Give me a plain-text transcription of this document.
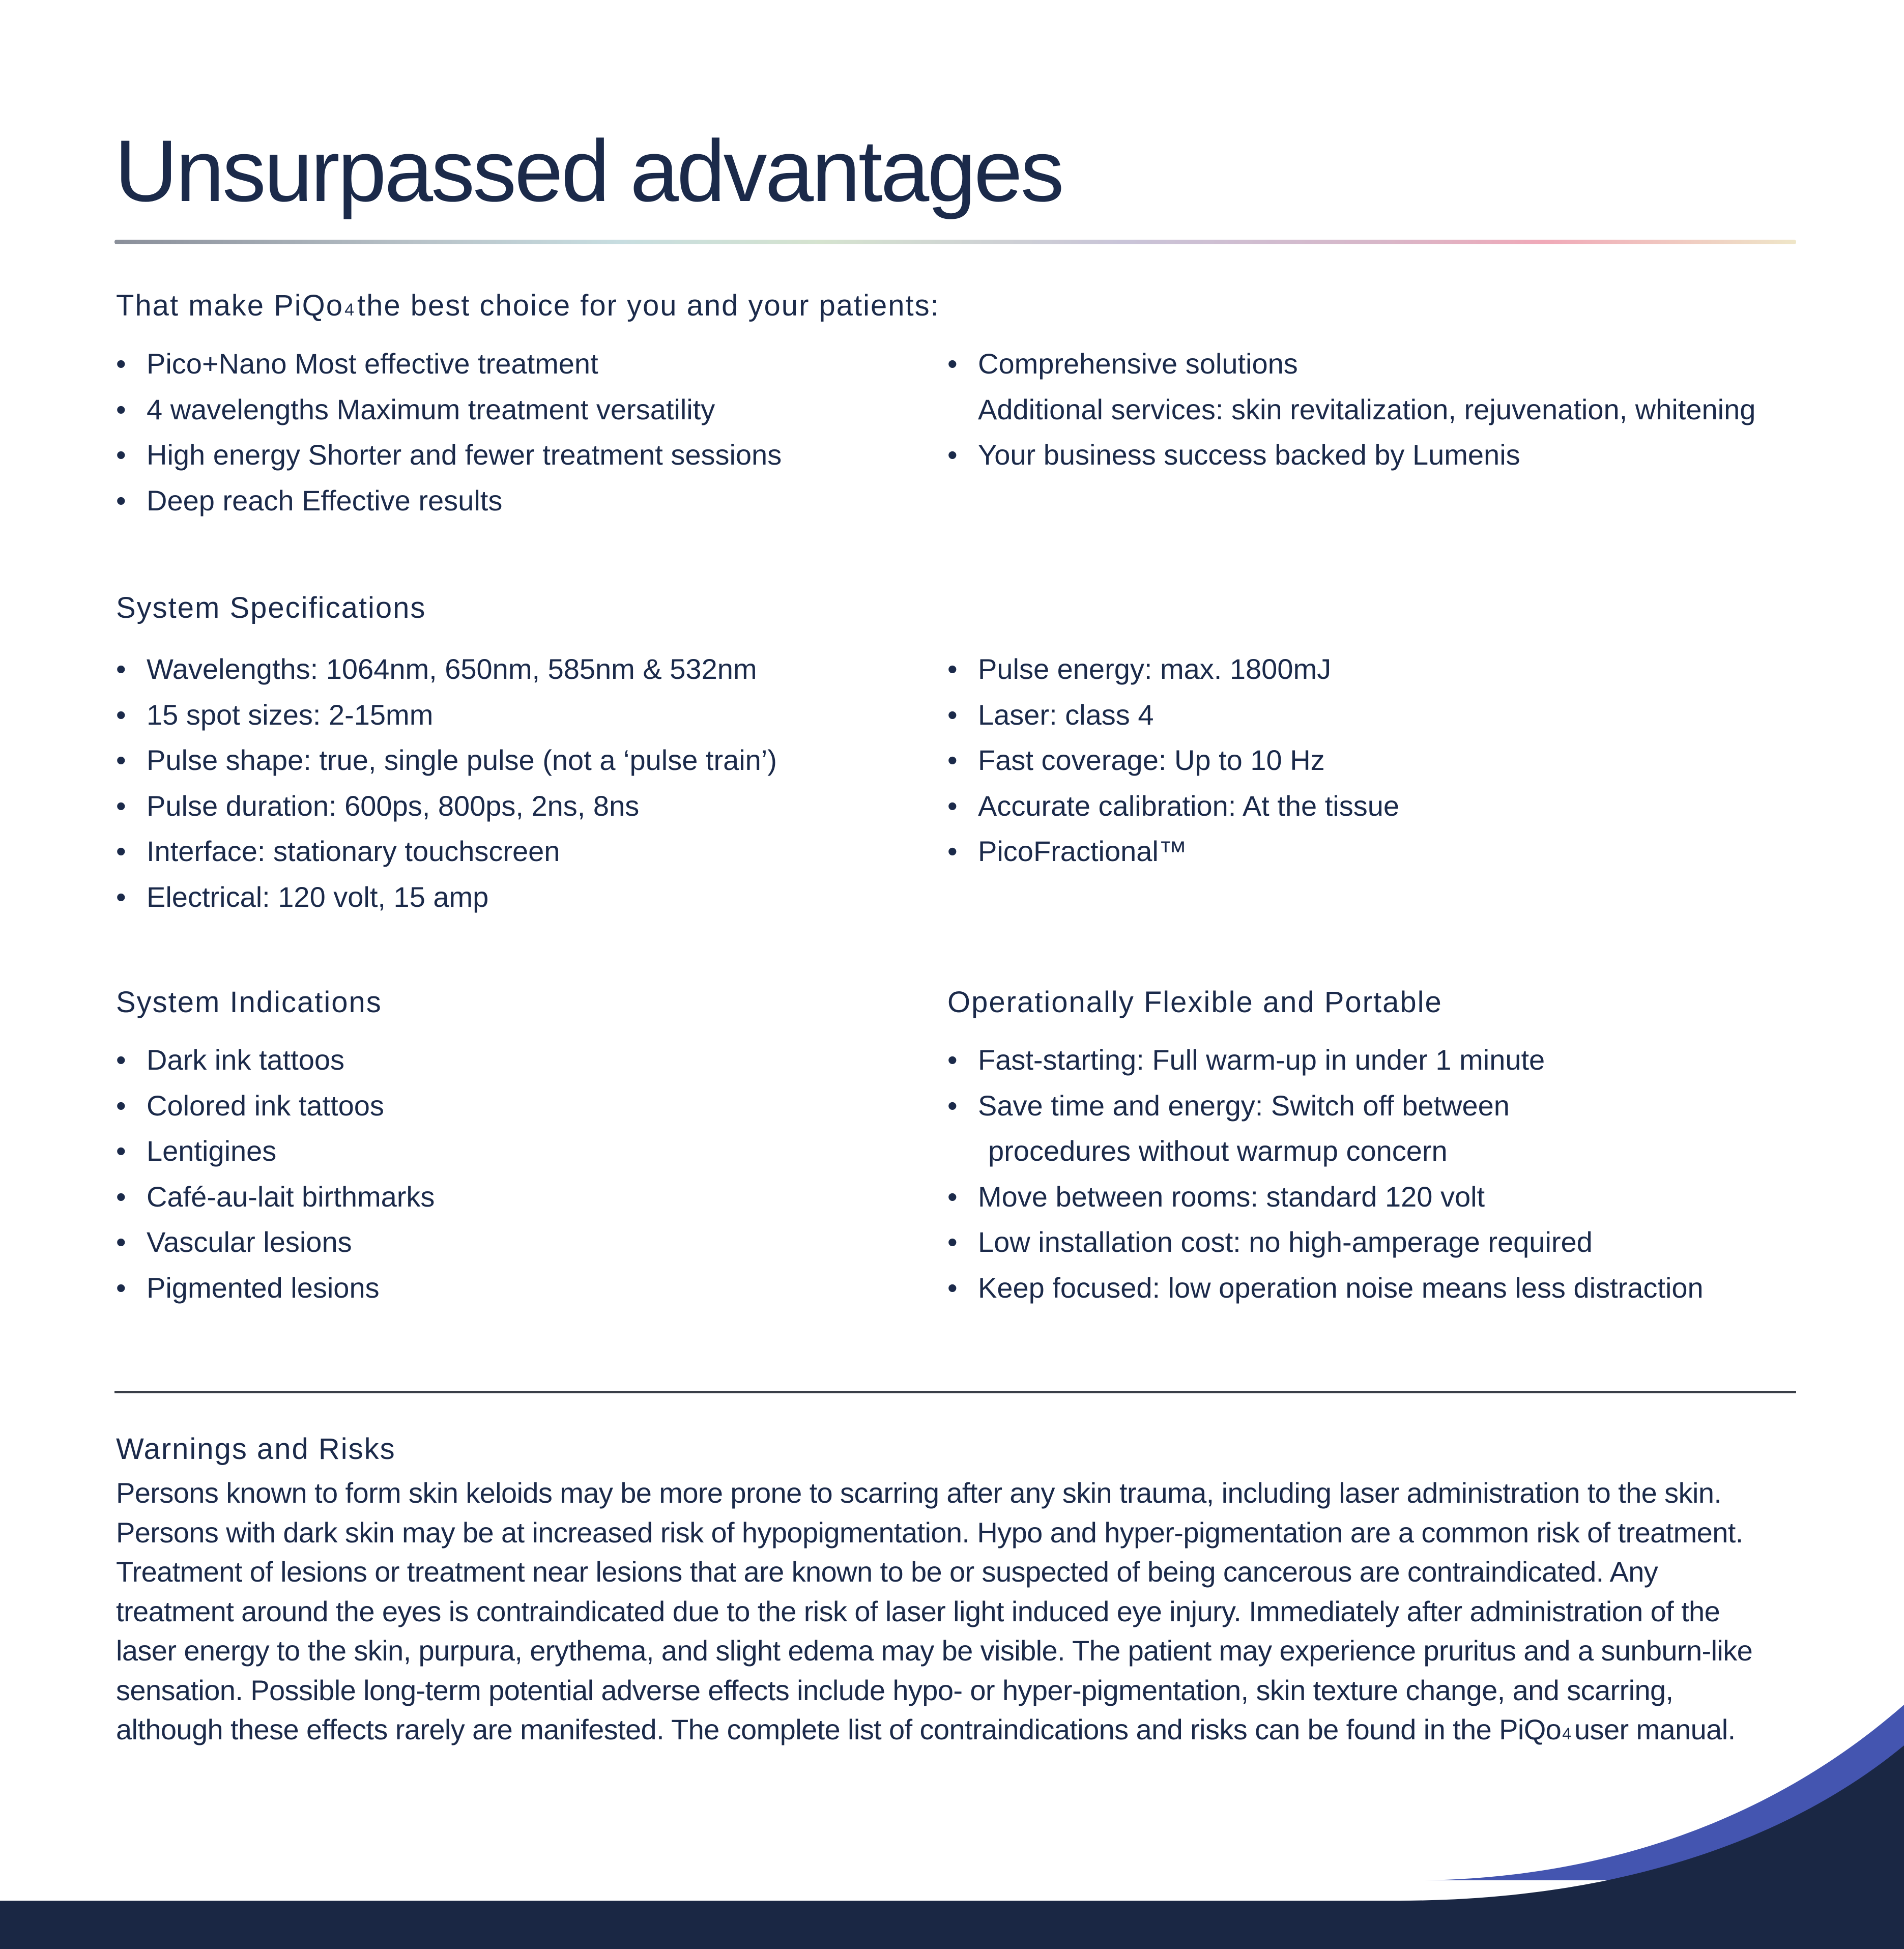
Unsurpassed advantages

That make PiQo4 the best choice for you and your patients:

• Pico+Nano Most effective treatment
• 4 wavelengths Maximum treatment versatility
• High energy Shorter and fewer treatment sessions
• Deep reach Effective results
• Comprehensive solutions
Additional services: skin revitalization, rejuvenation, whitening
• Your business success backed by Lumenis
System Specifications
• Wavelengths: 1064nm, 650nm, 585nm & 532nm
• 15 spot sizes: 2-15mm
• Pulse shape: true, single pulse (not a ‘pulse train’)
• Pulse duration: 600ps, 800ps, 2ns, 8ns
• Interface: stationary touchscreen
• Electrical: 120 volt, 15 amp
• Pulse energy: max. 1800mJ
• Laser: class 4
• Fast coverage: Up to 10 Hz
• Accurate calibration: At the tissue
• PicoFractional™
System Indications
• Dark ink tattoos
• Colored ink tattoos
• Lentigines
• Café-au-lait birthmarks
• Vascular lesions
• Pigmented lesions
Operationally Flexible and Portable
• Fast-starting: Full warm-up in under 1 minute
• Save time and energy: Switch off between
procedures without warmup concern
• Move between rooms: standard 120 volt
• Low installation cost: no high-amperage required
• Keep focused: low operation noise means less distraction
Warnings and Risks

Persons known to form skin keloids may be more prone to scarring after any skin trauma, including laser administration to the skin. Persons with dark skin may be at increased risk of hypopigmentation. Hypo and hyper-pigmentation are a common risk of treatment. Treatment of lesions or treatment near lesions that are known to be or suspected of being cancerous are contraindicated. Any treatment around the eyes is contraindicated due to the risk of laser light induced eye injury. Immediately after administration of the laser energy to the skin, purpura, erythema, and slight edema may be visible. The patient may experience pruritus and a sunburn-like sensation. Possible long-term potential adverse effects include hypo- or hyper-pigmentation, skin texture change, and scarring, although these effects rarely are manifested. The complete list of contraindications and risks can be found in the PiQo4 user manual.
